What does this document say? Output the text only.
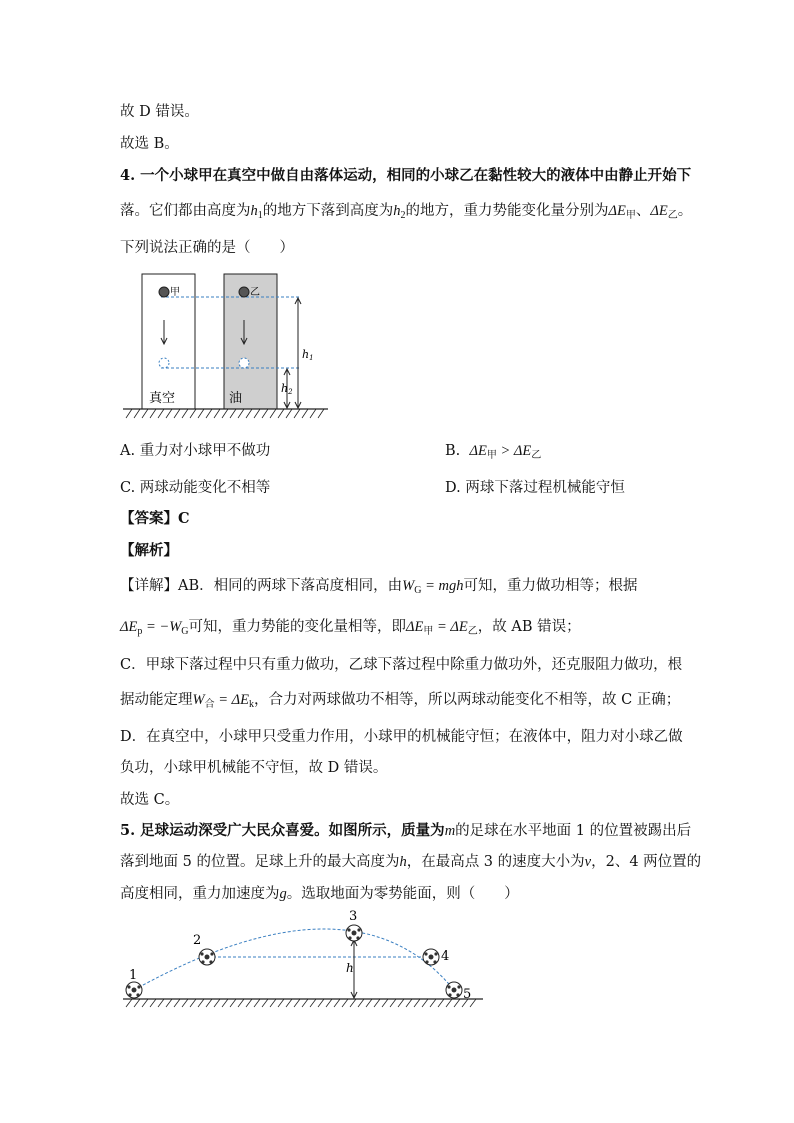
故 D 错误。
故选 B。
4. 一个小球甲在真空中做自由落体运动，相同的小球乙在黏性较大的液体中由静止开始下
落。它们都由高度为$h_1$的地方下落到高度为$h_2$的地方，重力势能变化量分别为$\Delta E_甲$、$\Delta E_乙$。
下列说法正确的是（　　）
甲	乙
真空	油
h1
h2
A. 重力对小球甲不做功	B. $\Delta E_甲 > \Delta E_乙$
C. 两球动能变化不相等	D. 两球下落过程机械能守恒
【答案】C
【解析】
【详解】AB．相同的两球下落高度相同，由$W_G$ = mgh可知，重力做功相等；根据
$\Delta E_p = -W_G$可知，重力势能的变化量相等，即$\Delta E_甲 = \Delta E_乙$，故 AB 错误；
C．甲球下落过程中只有重力做功，乙球下落过程中除重力做功外，还克服阻力做功，根
据动能定理$W_合 = \Delta E_k$，合力对两球做功不相等，所以两球动能变化不相等，故 C 正确；
D．在真空中，小球甲只受重力作用，小球甲的机械能守恒；在液体中，阻力对小球乙做
负功，小球甲机械能不守恒，故 D 错误。
故选 C。
5. 足球运动深受广大民众喜爱。如图所示，质量为m的足球在水平地面 1 的位置被踢出后
落到地面 5 的位置。足球上升的最大高度为h，在最高点 3 的速度大小为v，2、4 两位置的
高度相同，重力加速度为g。选取地面为零势能面，则（　　）
1
2
3
4
5
h
